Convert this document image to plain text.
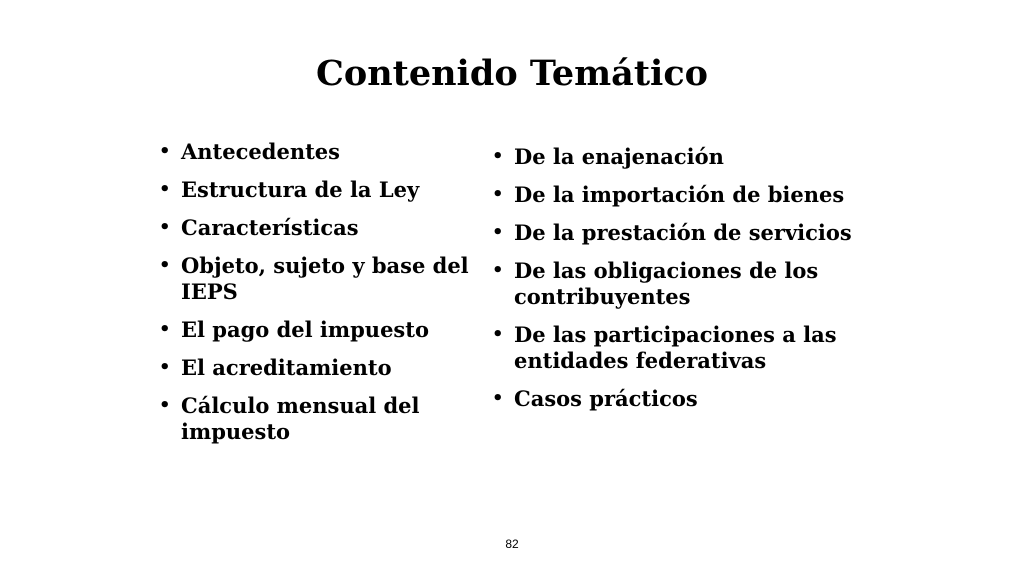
Contenido Temático
• Antecedentes
• Estructura de la Ley
• Características
• Objeto, sujeto y base del IEPS
• El pago del impuesto
• El acreditamiento
• Cálculo mensual del impuesto
• De la enajenación
• De la importación de bienes
• De la prestación de servicios
• De las obligaciones de los contribuyentes
• De las participaciones a las entidades federativas
• Casos prácticos
82
